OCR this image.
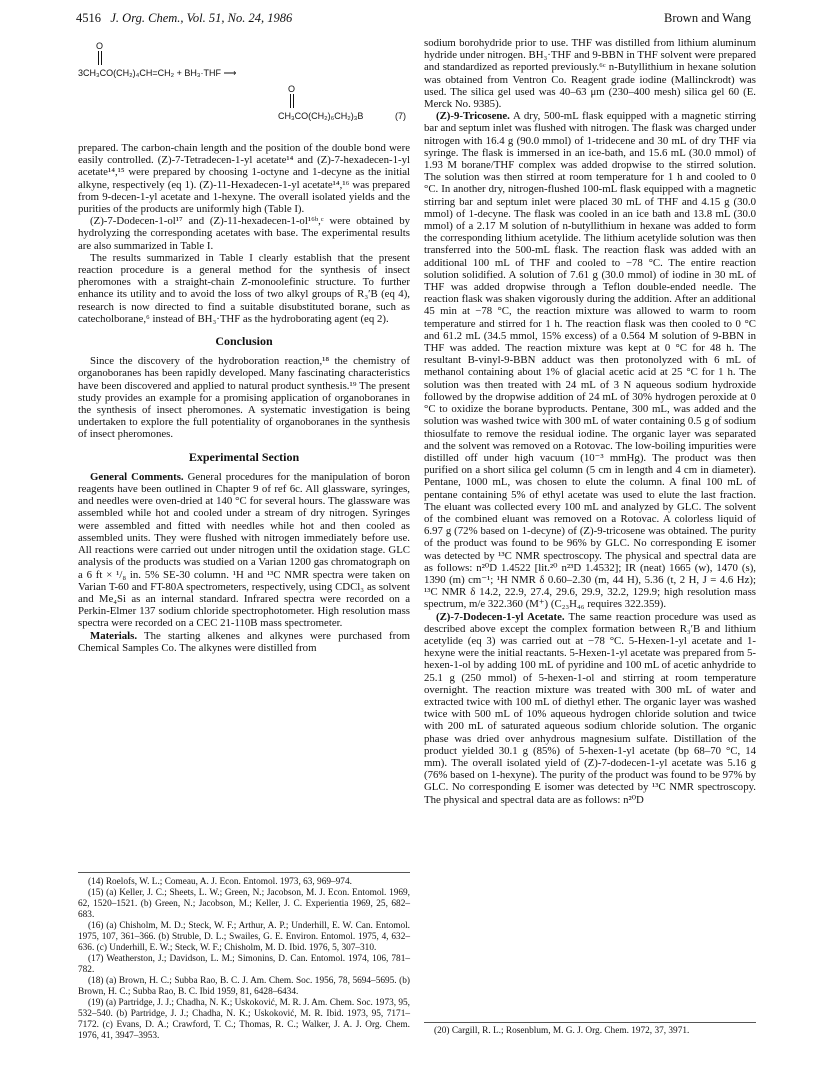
4516 J. Org. Chem., Vol. 51, No. 24, 1986	Brown and Wang
O
3CH₃CO(CH₂)₄CH=CH₂ + BH₃·THF ⟶
O
CH₃CO(CH₂)₆CH₂)₃B	(7)

prepared. The carbon-chain length and the position of the double bond were easily controlled. (Z)-7-Tetradecen-1-yl acetate¹⁴ and (Z)-7-hexadecen-1-yl acetate¹⁴,¹⁵ were prepared by choosing 1-octyne and 1-decyne as the initial alkyne, respectively (eq 1). (Z)-11-Hexadecen-1-yl acetate¹⁴,¹⁶ was prepared from 9-decen-1-yl acetate and 1-hexyne. The overall isolated yields and the purities of the products are uniformly high (Table I).

(Z)-7-Dodecen-1-ol¹⁷ and (Z)-11-hexadecen-1-ol¹⁶ᵇ,ᶜ were obtained by hydrolyzing the corresponding acetates with base. The experimental results are also summarized in Table I.

The results summarized in Table I clearly establish that the present reaction procedure is a general method for the synthesis of insect pheromones with a straight-chain Z-monoolefinic structure. To further enhance its utility and to avoid the loss of two alkyl groups of R₃′B (eq 4), research is now directed to find a suitable disubstituted borane, such as catecholborane,⁶ instead of BH₃·THF as the hydroborating agent (eq 2).

Conclusion

Since the discovery of the hydroboration reaction,¹⁸ the chemistry of organoboranes has been rapidly developed. Many fascinating characteristics have been discovered and applied to natural product synthesis.¹⁹ The present study provides an example for a promising application of organoboranes in the synthesis of insect pheromones. A systematic investigation is being undertaken to explore the full potentiality of organoboranes in the synthesis of insect pheromones.

Experimental Section

General Comments. General procedures for the manipulation of boron reagents have been outlined in Chapter 9 of ref 6c. All glassware, syringes, and needles were oven-dried at 140 °C for several hours. The glassware was assembled while hot and cooled under a stream of dry nitrogen. Syringes were assembled and fitted with needles while hot and then cooled as assembled units. They were flushed with nitrogen immediately before use. All reactions were carried out under nitrogen until the oxidation stage. GLC analysis of the products was studied on a Varian 1200 gas chromatograph on a 6 ft × ¹/₈ in. 5% SE-30 column. ¹H and ¹³C NMR spectra were taken on Varian T-60 and FT-80A spectrometers, respectively, using CDCl₃ as solvent and Me₄Si as an internal standard. Infrared spectra were recorded on a Perkin-Elmer 137 sodium chloride spectrophotometer. High resolution mass spectra were recorded on a CEC 21-110B mass spectrometer.

Materials. The starting alkenes and alkynes were purchased from Chemical Samples Co. The alkynes were distilled from

(14) Roelofs, W. L.; Comeau, A. J. Econ. Entomol. 1973, 63, 969–974.

(15) (a) Keller, J. C.; Sheets, L. W.; Green, N.; Jacobson, M. J. Econ. Entomol. 1969, 62, 1520–1521. (b) Green, N.; Jacobson, M.; Keller, J. C. Experientia 1969, 25, 682–683.

(16) (a) Chisholm, M. D.; Steck, W. F.; Arthur, A. P.; Underhill, E. W. Can. Entomol. 1975, 107, 361–366. (b) Struble, D. L.; Swailes, G. E. Environ. Entomol. 1975, 4, 632–636. (c) Underhill, E. W.; Steck, W. F.; Chisholm, M. D. Ibid. 1976, 5, 307–310.

(17) Weatherston, J.; Davidson, L. M.; Simonins, D. Can. Entomol. 1974, 106, 781–782.

(18) (a) Brown, H. C.; Subba Rao, B. C. J. Am. Chem. Soc. 1956, 78, 5694–5695. (b) Brown, H. C.; Subba Rao, B. C. Ibid 1959, 81, 6428–6434.

(19) (a) Partridge, J. J.; Chadha, N. K.; Uskoković, M. R. J. Am. Chem. Soc. 1973, 95, 532–540. (b) Partridge, J. J.; Chadha, N. K.; Uskoković, M. R. Ibid. 1973, 95, 7171–7172. (c) Evans, D. A.; Crawford, T. C.; Thomas, R. C.; Walker, J. A. J. Org. Chem. 1976, 41, 3947–3953.

sodium borohydride prior to use. THF was distilled from lithium aluminum hydride under nitrogen. BH₃·THF and 9-BBN in THF solvent were prepared and standardized as reported previously.⁶ᶜ n-Butyllithium in hexane solution was obtained from Ventron Co. Reagent grade iodine (Mallinckrodt) was used. The silica gel used was 40–63 μm (230–400 mesh) silica gel 60 (E. Merck No. 9385).

(Z)-9-Tricosene. A dry, 500-mL flask equipped with a magnetic stirring bar and septum inlet was flushed with nitrogen. The flask was charged under nitrogen with 16.4 g (90.0 mmol) of 1-tridecene and 30 mL of dry THF via syringe. The flask is immersed in an ice-bath, and 15.6 mL (30.0 mmol) of 1.93 M borane/THF complex was added dropwise to the stirred solution. The solution was then stirred at room temperature for 1 h and cooled to 0 °C. In another dry, nitrogen-flushed 100-mL flask equipped with a magnetic stirring bar and septum inlet were placed 30 mL of THF and 4.15 g (30.0 mmol) of 1-decyne. The flask was cooled in an ice bath and 13.8 mL (30.0 mmol) of a 2.17 M solution of n-butyllithium in hexane was added to form the corresponding lithium acetylide. The lithium acetylide solution was then transferred into the 500-mL flask. The reaction flask was added with an additional 100 mL of THF and cooled to −78 °C. The entire reaction solution solidified. A solution of 7.61 g (30.0 mmol) of iodine in 30 mL of THF was added dropwise through a Teflon double-ended needle. The reaction flask was shaken vigorously during the addition. After an additional 45 min at −78 °C, the reaction mixture was allowed to warm to room temperature and stirred for 1 h. The reaction flask was then cooled to 0 °C and 61.2 mL (34.5 mmol, 15% excess) of a 0.564 M solution of 9-BBN in THF was added. The reaction mixture was kept at 0 °C for 48 h. The resultant B-vinyl-9-BBN adduct was then protonolyzed with 6 mL of methanol containing about 1% of glacial acetic acid at 25 °C for 1 h. The solution was then treated with 24 mL of 3 N aqueous sodium hydroxide followed by the dropwise addition of 24 mL of 30% hydrogen peroxide at 0 °C to oxidize the borane byproducts. Pentane, 300 mL, was added and the solution was washed twice with 300 mL of water containing 0.5 g of sodium thiosulfate to remove the residual iodine. The organic layer was separated and the solvent was removed on a Rotovac. The low-boiling impurities were distilled off under high vacuum (10⁻³ mmHg). The product was then purified on a short silica gel column (5 cm in length and 4 cm in diameter). Pentane, 1000 mL, was chosen to elute the column. A final 100 mL of pentane containing 5% of ethyl acetate was used to elute the last fraction. The eluant was collected every 100 mL and analyzed by GLC. The solvent of the combined eluant was removed on a Rotovac. A colorless liquid of 6.97 g (72% based on 1-decyne) of (Z)-9-tricosene was obtained. The purity of the product was found to be 96% by GLC. No corresponding E isomer was detected by ¹³C NMR spectroscopy. The physical and spectral data are as follows: n²⁰D 1.4522 [lit.²⁰ n²³D 1.4532]; IR (neat) 1665 (w), 1470 (s), 1390 (m) cm⁻¹; ¹H NMR δ 0.60–2.30 (m, 44 H), 5.36 (t, 2 H, J = 4.6 Hz); ¹³C NMR δ 14.2, 22.9, 27.4, 29.6, 29.9, 32.2, 129.9; high resolution mass spectrum, m/e 322.360 (M⁺) (C₂₃H₄₆ requires 322.359).

(Z)-7-Dodecen-1-yl Acetate. The same reaction procedure was used as described above except the complex formation between R₃′B and lithium acetylide (eq 3) was carried out at −78 °C. 5-Hexen-1-yl acetate and 1-hexyne were the initial reactants. 5-Hexen-1-yl acetate was prepared from 5-hexen-1-ol by adding 100 mL of pyridine and 100 mL of acetic anhydride to 25.1 g (250 mmol) of 5-hexen-1-ol and stirring at room temperature overnight. The reaction mixture was treated with 300 mL of water and extracted twice with 100 mL of diethyl ether. The organic layer was washed twice with 500 mL of 10% aqueous hydrogen chloride solution and twice with 200 mL of saturated aqueous sodium chloride solution. The organic phase was dried over anhydrous magnesium sulfate. Distillation of the product yielded 30.1 g (85%) of 5-hexen-1-yl acetate (bp 68–70 °C, 14 mm). The overall isolated yield of (Z)-7-dodecen-1-yl acetate was 5.16 g (76% based on 1-hexyne). The purity of the product was found to be 97% by GLC. No corresponding E isomer was detected by ¹³C NMR spectroscopy. The physical and spectral data are as follows: n²⁰D

(20) Cargill, R. L.; Rosenblum, M. G. J. Org. Chem. 1972, 37, 3971.
